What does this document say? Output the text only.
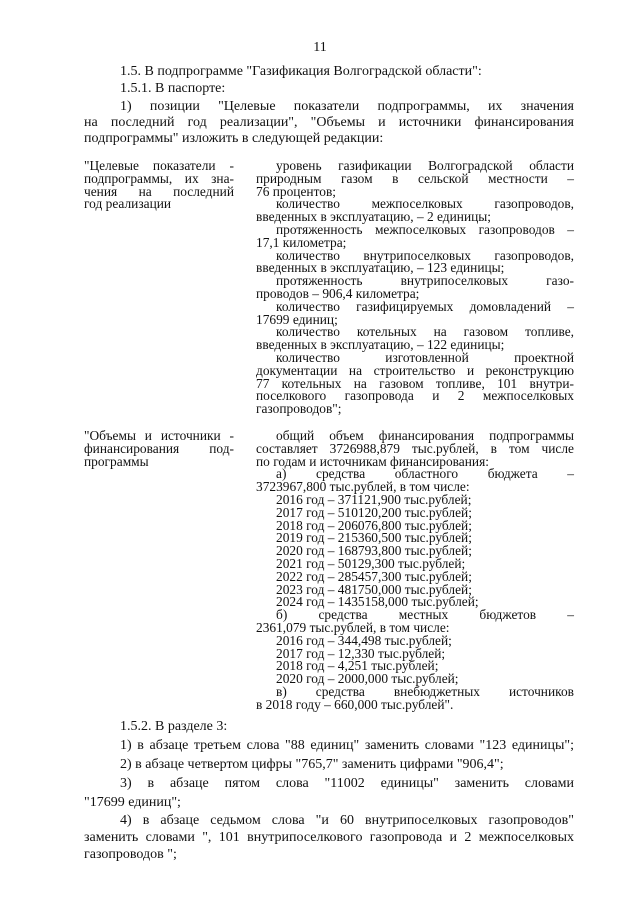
11
1.5. В подпрограмме "Газификация Волгоградской области":
1.5.1. В паспорте:
1) позиции "Целевые показатели подпрограммы, их значения
на последний год реализации", "Объемы и источники финансирования
подпрограммы" изложить в следующей редакции:
"Целевые показатели -
подпрограммы, их зна-
чения на последний
год реализации
уровень газификации Волгоградской области
природным газом в сельской местности –
76 процентов;
количество межпоселковых газопроводов,
введенных в эксплуатацию, – 2 единицы;
протяженность межпоселковых газопроводов –
17,1 километра;
количество внутрипоселковых газопроводов,
введенных в эксплуатацию, – 123 единицы;
протяженность внутрипоселковых газо-
проводов – 906,4 километра;
количество газифицируемых домовладений –
17699 единиц;
количество котельных на газовом топливе,
введенных в эксплуатацию, – 122 единицы;
количество изготовленной проектной
документации на строительство и реконструкцию
77 котельных на газовом топливе, 101 внутри-
поселкового газопровода и 2 межпоселковых
газопроводов";
"Объемы и источники -
финансирования под-
программы
общий объем финансирования подпрограммы
составляет 3726988,879 тыс.рублей, в том числе
по годам и источникам финансирования:
а) средства областного бюджета –
3723967,800 тыс.рублей, в том числе:
2016 год – 371121,900 тыс.рублей;
2017 год – 510120,200 тыс.рублей;
2018 год – 206076,800 тыс.рублей;
2019 год – 215360,500 тыс.рублей;
2020 год – 168793,800 тыс.рублей;
2021 год – 50129,300 тыс.рублей;
2022 год – 285457,300 тыс.рублей;
2023 год – 481750,000 тыс.рублей;
2024 год – 1435158,000 тыс.рублей;
б) средства местных бюджетов –
2361,079 тыс.рублей, в том числе:
2016 год – 344,498 тыс.рублей;
2017 год – 12,330 тыс.рублей;
2018 год – 4,251 тыс.рублей;
2020 год – 2000,000 тыс.рублей;
в) средства внебюджетных источников
в 2018 году – 660,000 тыс.рублей".
1.5.2. В разделе 3:
1) в абзаце третьем слова "88 единиц" заменить словами "123 единицы";
2) в абзаце четвертом цифры "765,7" заменить цифрами "906,4";
3) в абзаце пятом слова "11002 единицы" заменить словами
"17699 единиц";
4) в абзаце седьмом слова "и 60 внутрипоселковых газопроводов"
заменить словами ", 101 внутрипоселкового газопровода и 2 межпоселковых
газопроводов ";
